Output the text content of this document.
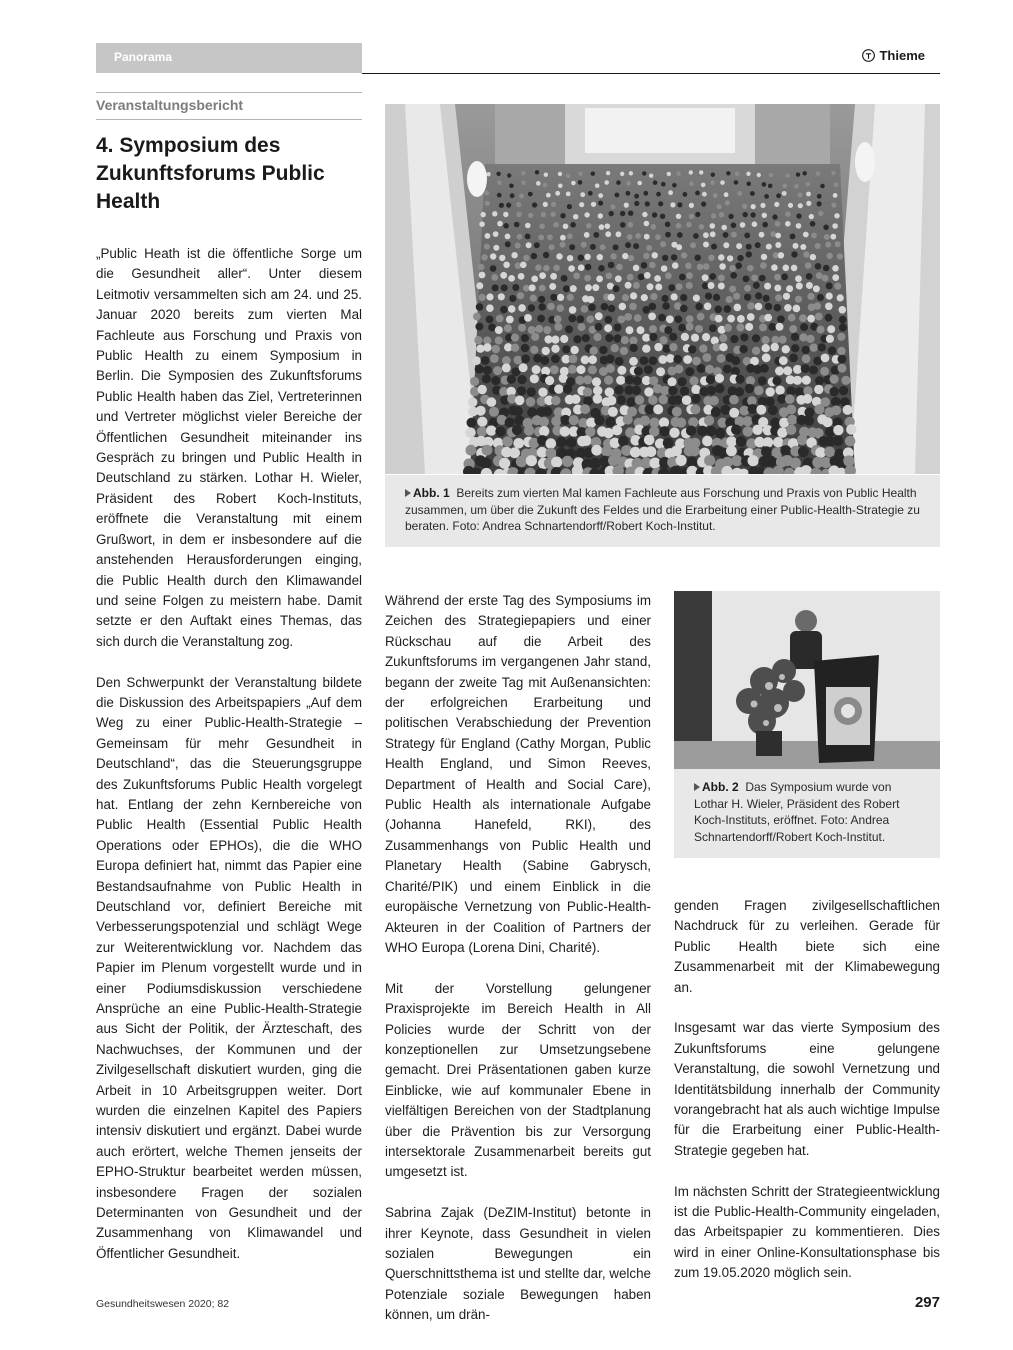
Panorama	Thieme
Veranstaltungsbericht
4. Symposium des Zukunftsforums Public Health

„Public Heath ist die öffentliche Sorge um die Gesundheit aller“. Unter diesem Leitmotiv versammelten sich am 24. und 25. Januar 2020 bereits zum vierten Mal Fachleute aus Forschung und Praxis von Public Health zu einem Symposium in Berlin. Die Symposien des Zukunftsforums Public Health haben das Ziel, Vertreterinnen und Vertreter möglichst vieler Bereiche der Öffentlichen Gesundheit miteinander ins Gespräch zu bringen und Public Health in Deutschland zu stärken. Lothar H. Wieler, Präsident des Robert Koch-Instituts, eröffnete die Veranstaltung mit einem Grußwort, in dem er insbesondere auf die anstehenden Herausforderungen einging, die Public Health durch den Klimawandel und seine Folgen zu meistern habe. Damit setzte er den Auftakt eines Themas, das sich durch die Veranstaltung zog.

Den Schwerpunkt der Veranstaltung bildete die Diskussion des Arbeitspapiers „Auf dem Weg zu einer Public-Health-Strategie – Gemeinsam für mehr Gesundheit in Deutschland“, das die Steuerungsgruppe des Zukunftsforums Public Health vorgelegt hat. Entlang der zehn Kernbereiche von Public Health (Essential Public Health Operations oder EPHOs), die die WHO Europa definiert hat, nimmt das Papier eine Bestandsaufnahme von Public Health in Deutschland vor, definiert Bereiche mit Verbesserungspotenzial und schlägt Wege zur Weiterentwicklung vor. Nachdem das Papier im Plenum vorgestellt wurde und in einer Podiumsdiskussion verschiedene Ansprüche an eine Public-Health-Strategie aus Sicht der Politik, der Ärzteschaft, des Nachwuchses, der Kommunen und der Zivilgesellschaft diskutiert wurden, ging die Arbeit in 10 Arbeitsgruppen weiter. Dort wurden die einzelnen Kapitel des Papiers intensiv diskutiert und ergänzt. Dabei wurde auch erörtert, welche Themen jenseits der EPHO-Struktur bearbeitet werden müssen, insbesondere Fragen der sozialen Determinanten von Gesundheit und der Zusammenhang von Klimawandel und Öffentlicher Gesundheit.

Abb. 1 Bereits zum vierten Mal kamen Fachleute aus Forschung und Praxis von Public Health zusammen, um über die Zukunft des Feldes und die Erarbeitung einer Public-Health-Strategie zu beraten. Foto: Andrea Schnartendorff/Robert Koch-Institut.

Während der erste Tag des Symposiums im Zeichen des Strategiepapiers und einer Rückschau auf die Arbeit des Zukunftsforums im vergangenen Jahr stand, begann der zweite Tag mit Außenansichten: der erfolgreichen Erarbeitung und politischen Verabschiedung der Prevention Strategy für England (Cathy Morgan, Public Health England, und Simon Reeves, Department of Health and Social Care), Public Health als internationale Aufgabe (Johanna Hanefeld, RKI), des Zusammenhangs von Public Health und Planetary Health (Sabine Gabrysch, Charité/PIK) und einem Einblick in die europäische Vernetzung von Public-Health-Akteuren in der Coalition of Partners der WHO Europa (Lorena Dini, Charité).

Mit der Vorstellung gelungener Praxisprojekte im Bereich Health in All Policies wurde der Schritt von der konzeptionellen zur Umsetzungsebene gemacht. Drei Präsentationen gaben kurze Einblicke, wie auf kommunaler Ebene in vielfältigen Bereichen von der Stadtplanung über die Prävention bis zur Versorgung intersektorale Zusammenarbeit bereits gut umgesetzt ist.

Sabrina Zajak (DeZIM-Institut) betonte in ihrer Keynote, dass Gesundheit in vielen sozialen Bewegungen ein Querschnittsthema ist und stellte dar, welche Potenziale soziale Bewegungen haben können, um drän-

Abb. 2 Das Symposium wurde von Lothar H. Wieler, Präsident des Robert Koch-Instituts, eröffnet. Foto: Andrea Schnartendorff/Robert Koch-Institut.

genden Fragen zivilgesellschaftlichen Nachdruck für zu verleihen. Gerade für Public Health biete sich eine Zusammenarbeit mit der Klimabewegung an.

Insgesamt war das vierte Symposium des Zukunftsforums eine gelungene Veranstaltung, die sowohl Vernetzung und Identitätsbildung innerhalb der Community vorangebracht hat als auch wichtige Impulse für die Erarbeitung einer Public-Health-Strategie gegeben hat.

Im nächsten Schritt der Strategieentwicklung ist die Public-Health-Community eingeladen, das Arbeitspapier zu kommentieren. Dies wird in einer Online-Konsultationsphase bis zum 19.05.2020 möglich sein.

Gesundheitswesen 2020; 82	297
